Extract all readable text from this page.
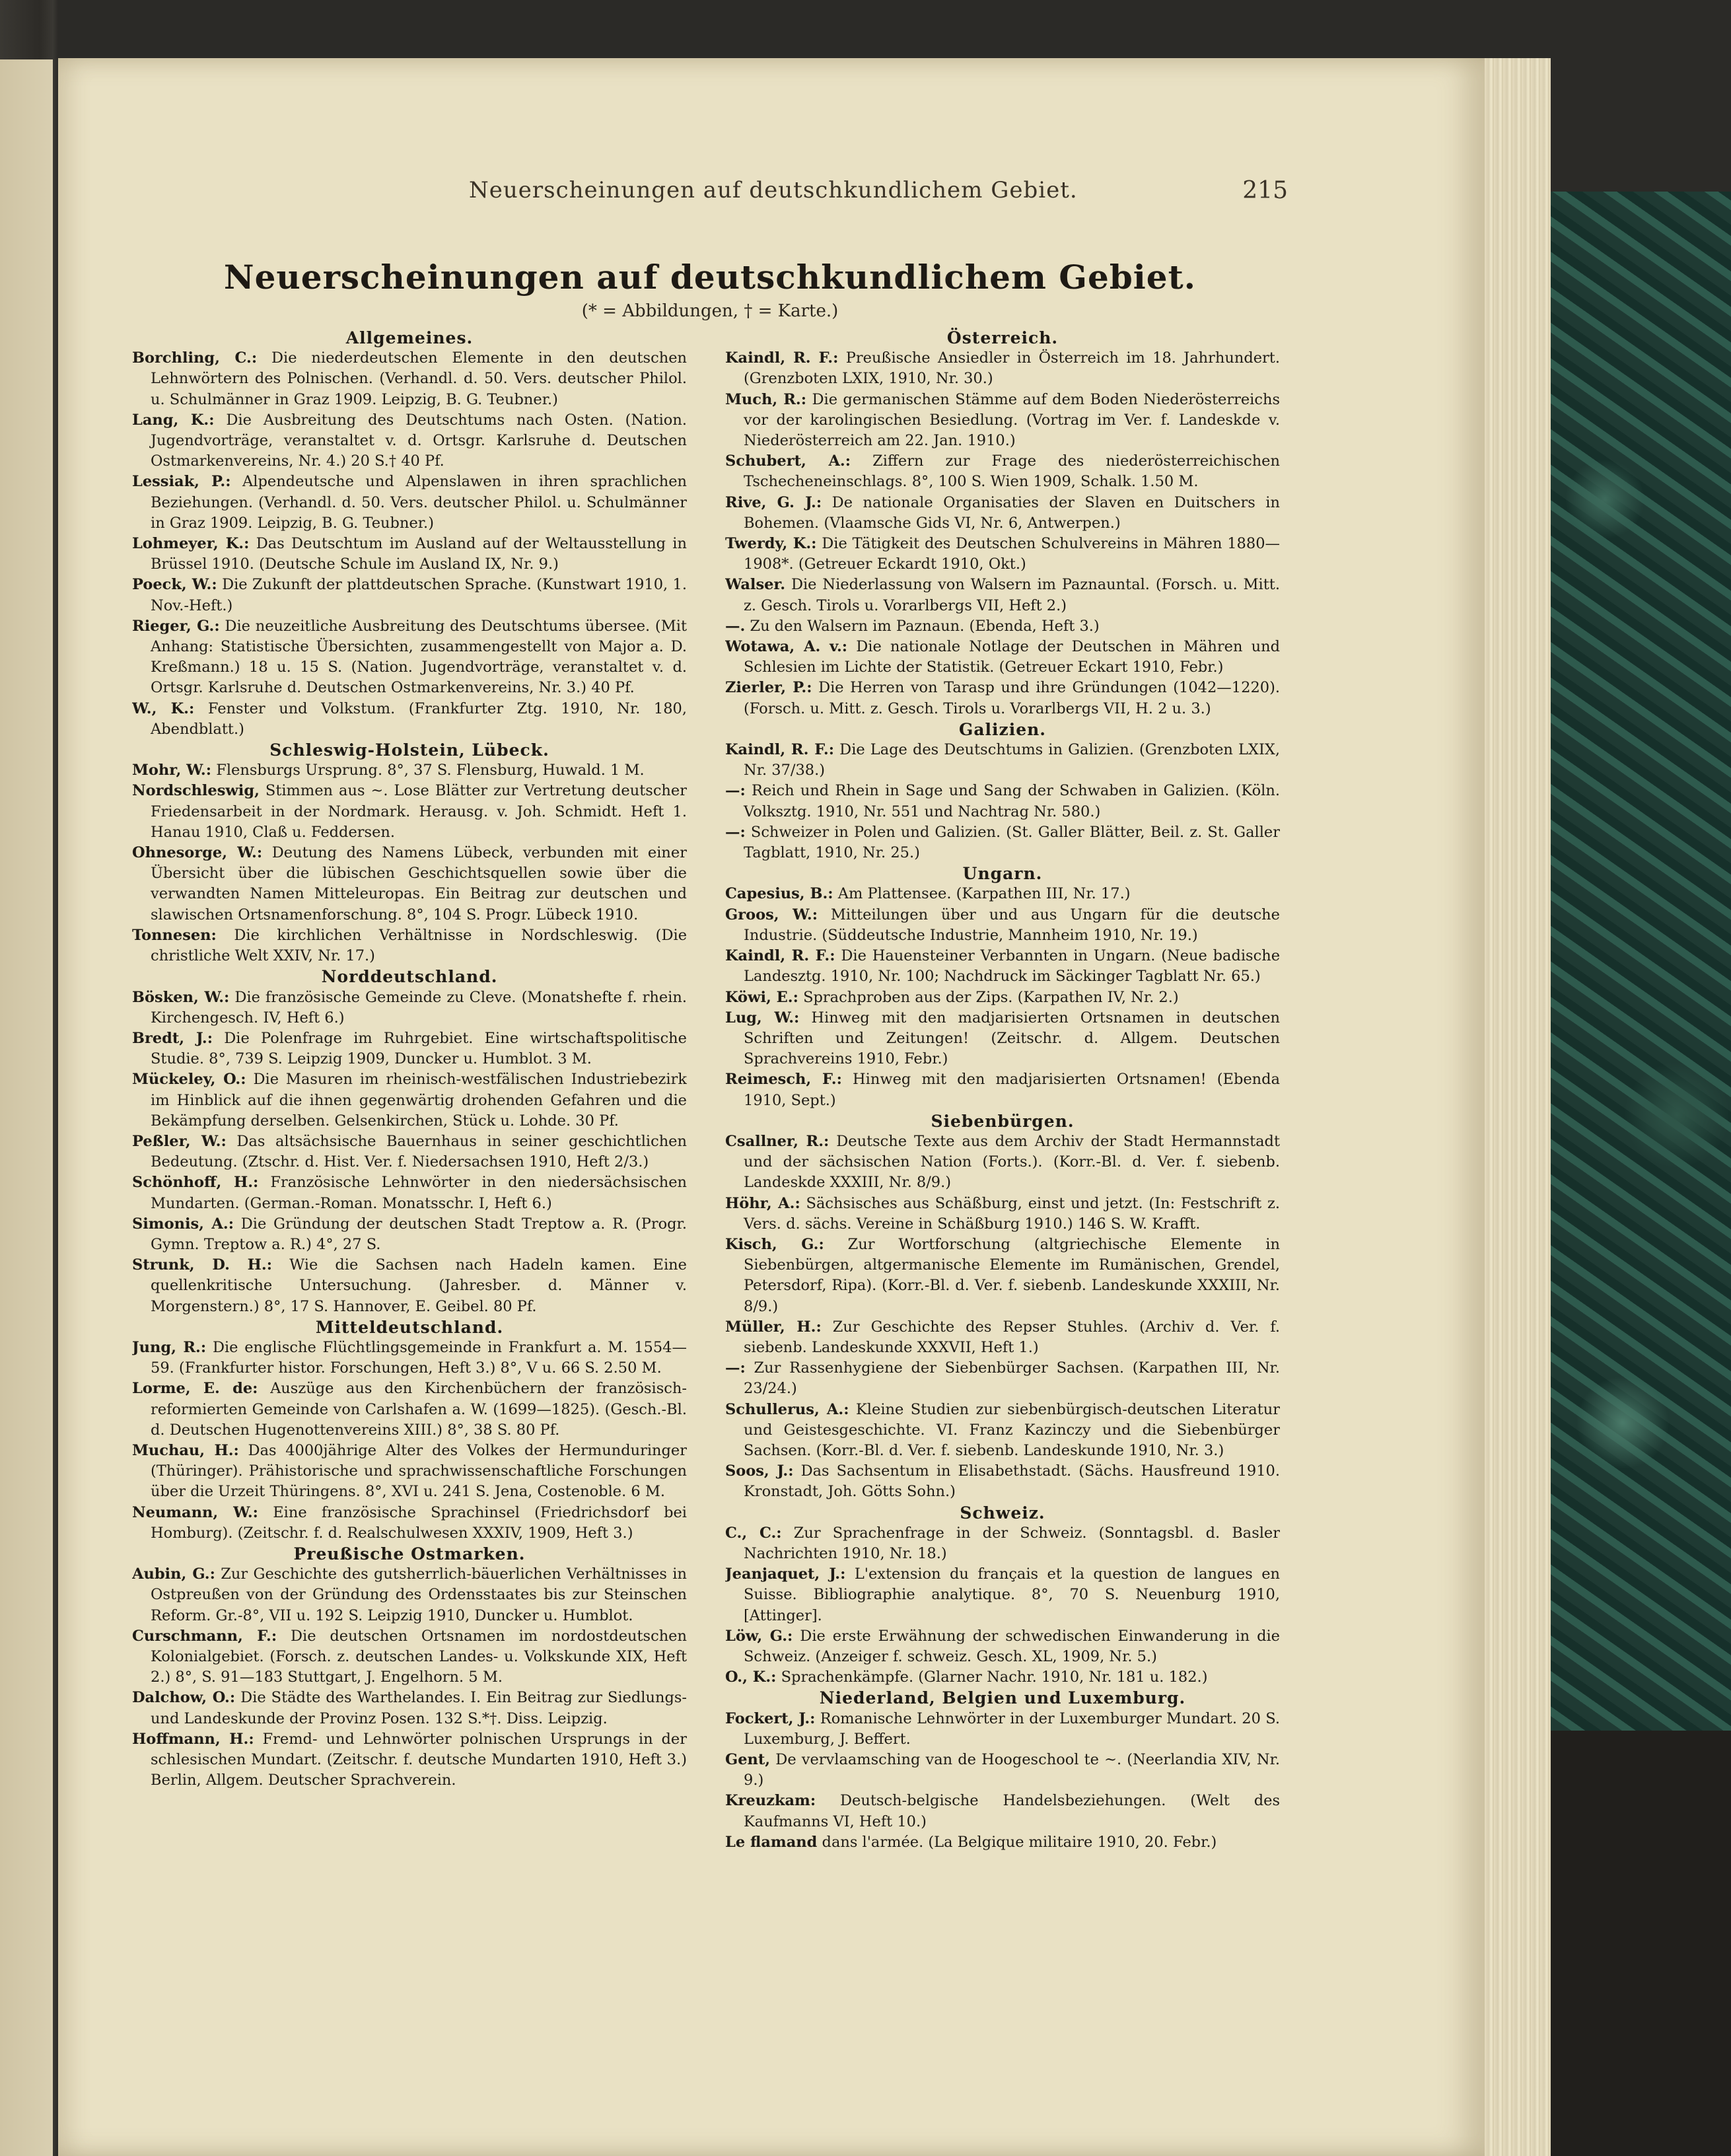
Neuerscheinungen auf deutschkundlichem Gebiet.	215
Neuerscheinungen auf deutschkundlichem Gebiet.
(* = Abbildungen, † = Karte.)

Allgemeines.

Borchling, C.: Die niederdeutschen Elemente in den deutschen Lehnwörtern des Polnischen. (Verhandl. d. 50. Vers. deutscher Philol. u. Schulmänner in Graz 1909. Leipzig, B. G. Teubner.)

Lang, K.: Die Ausbreitung des Deutschtums nach Osten. (Nation. Jugendvorträge, veranstaltet v. d. Ortsgr. Karlsruhe d. Deutschen Ostmarkenvereins, Nr. 4.) 20 S.† 40 Pf.

Lessiak, P.: Alpendeutsche und Alpenslawen in ihren sprachlichen Beziehungen. (Verhandl. d. 50. Vers. deutscher Philol. u. Schulmänner in Graz 1909. Leipzig, B. G. Teubner.)

Lohmeyer, K.: Das Deutschtum im Ausland auf der Weltausstellung in Brüssel 1910. (Deutsche Schule im Ausland IX, Nr. 9.)

Poeck, W.: Die Zukunft der plattdeutschen Sprache. (Kunstwart 1910, 1. Nov.-Heft.)

Rieger, G.: Die neuzeitliche Ausbreitung des Deutschtums übersee. (Mit Anhang: Statistische Übersichten, zusammengestellt von Major a. D. Kreßmann.) 18 u. 15 S. (Nation. Jugendvorträge, veranstaltet v. d. Ortsgr. Karlsruhe d. Deutschen Ostmarkenvereins, Nr. 3.) 40 Pf.

W., K.: Fenster und Volkstum. (Frankfurter Ztg. 1910, Nr. 180, Abendblatt.)

Schleswig-Holstein, Lübeck.

Mohr, W.: Flensburgs Ursprung. 8°, 37 S. Flensburg, Huwald. 1 M.

Nordschleswig, Stimmen aus ~. Lose Blätter zur Vertretung deutscher Friedensarbeit in der Nordmark. Herausg. v. Joh. Schmidt. Heft 1. Hanau 1910, Claß u. Feddersen.

Ohnesorge, W.: Deutung des Namens Lübeck, verbunden mit einer Übersicht über die lübischen Geschichtsquellen sowie über die verwandten Namen Mitteleuropas. Ein Beitrag zur deutschen und slawischen Ortsnamenforschung. 8°, 104 S. Progr. Lübeck 1910.

Tonnesen: Die kirchlichen Verhältnisse in Nordschleswig. (Die christliche Welt XXIV, Nr. 17.)

Norddeutschland.

Bösken, W.: Die französische Gemeinde zu Cleve. (Monatshefte f. rhein. Kirchengesch. IV, Heft 6.)

Bredt, J.: Die Polenfrage im Ruhrgebiet. Eine wirtschaftspolitische Studie. 8°, 739 S. Leipzig 1909, Duncker u. Humblot. 3 M.

Mückeley, O.: Die Masuren im rheinisch-westfälischen Industriebezirk im Hinblick auf die ihnen gegenwärtig drohenden Gefahren und die Bekämpfung derselben. Gelsenkirchen, Stück u. Lohde. 30 Pf.

Peßler, W.: Das altsächsische Bauernhaus in seiner geschichtlichen Bedeutung. (Ztschr. d. Hist. Ver. f. Niedersachsen 1910, Heft 2/3.)

Schönhoff, H.: Französische Lehnwörter in den niedersächsischen Mundarten. (German.-Roman. Monatsschr. I, Heft 6.)

Simonis, A.: Die Gründung der deutschen Stadt Treptow a. R. (Progr. Gymn. Treptow a. R.) 4°, 27 S.

Strunk, D. H.: Wie die Sachsen nach Hadeln kamen. Eine quellenkritische Untersuchung. (Jahresber. d. Männer v. Morgenstern.) 8°, 17 S. Hannover, E. Geibel. 80 Pf.

Mitteldeutschland.

Jung, R.: Die englische Flüchtlingsgemeinde in Frankfurt a. M. 1554—59. (Frankfurter histor. Forschungen, Heft 3.) 8°, V u. 66 S. 2.50 M.

Lorme, E. de: Auszüge aus den Kirchenbüchern der französisch-reformierten Gemeinde von Carlshafen a. W. (1699—1825). (Gesch.-Bl. d. Deutschen Hugenottenvereins XIII.) 8°, 38 S. 80 Pf.

Muchau, H.: Das 4000jährige Alter des Volkes der Hermunduringer (Thüringer). Prähistorische und sprachwissenschaftliche Forschungen über die Urzeit Thüringens. 8°, XVI u. 241 S. Jena, Costenoble. 6 M.

Neumann, W.: Eine französische Sprachinsel (Friedrichsdorf bei Homburg). (Zeitschr. f. d. Realschulwesen XXXIV, 1909, Heft 3.)

Preußische Ostmarken.

Aubin, G.: Zur Geschichte des gutsherrlich-bäuerlichen Verhältnisses in Ostpreußen von der Gründung des Ordensstaates bis zur Steinschen Reform. Gr.-8°, VII u. 192 S. Leipzig 1910, Duncker u. Humblot.

Curschmann, F.: Die deutschen Ortsnamen im nordostdeutschen Kolonialgebiet. (Forsch. z. deutschen Landes- u. Volkskunde XIX, Heft 2.) 8°, S. 91—183 Stuttgart, J. Engelhorn. 5 M.

Dalchow, O.: Die Städte des Warthelandes. I. Ein Beitrag zur Siedlungs- und Landeskunde der Provinz Posen. 132 S.*†. Diss. Leipzig.

Hoffmann, H.: Fremd- und Lehnwörter polnischen Ursprungs in der schlesischen Mundart. (Zeitschr. f. deutsche Mundarten 1910, Heft 3.) Berlin, Allgem. Deutscher Sprachverein.

Österreich.

Kaindl, R. F.: Preußische Ansiedler in Österreich im 18. Jahrhundert. (Grenzboten LXIX, 1910, Nr. 30.)

Much, R.: Die germanischen Stämme auf dem Boden Niederösterreichs vor der karolingischen Besiedlung. (Vortrag im Ver. f. Landeskde v. Niederösterreich am 22. Jan. 1910.)

Schubert, A.: Ziffern zur Frage des niederösterreichischen Tschecheneinschlags. 8°, 100 S. Wien 1909, Schalk. 1.50 M.

Rive, G. J.: De nationale Organisaties der Slaven en Duitschers in Bohemen. (Vlaamsche Gids VI, Nr. 6, Antwerpen.)

Twerdy, K.: Die Tätigkeit des Deutschen Schulvereins in Mähren 1880—1908*. (Getreuer Eckardt 1910, Okt.)

Walser. Die Niederlassung von Walsern im Paznauntal. (Forsch. u. Mitt. z. Gesch. Tirols u. Vorarlbergs VII, Heft 2.)

—. Zu den Walsern im Paznaun. (Ebenda, Heft 3.)

Wotawa, A. v.: Die nationale Notlage der Deutschen in Mähren und Schlesien im Lichte der Statistik. (Getreuer Eckart 1910, Febr.)

Zierler, P.: Die Herren von Tarasp und ihre Gründungen (1042—1220). (Forsch. u. Mitt. z. Gesch. Tirols u. Vorarlbergs VII, H. 2 u. 3.)

Galizien.

Kaindl, R. F.: Die Lage des Deutschtums in Galizien. (Grenzboten LXIX, Nr. 37/38.)

—: Reich und Rhein in Sage und Sang der Schwaben in Galizien. (Köln. Volksztg. 1910, Nr. 551 und Nachtrag Nr. 580.)

—: Schweizer in Polen und Galizien. (St. Galler Blätter, Beil. z. St. Galler Tagblatt, 1910, Nr. 25.)

Ungarn.

Capesius, B.: Am Plattensee. (Karpathen III, Nr. 17.)

Groos, W.: Mitteilungen über und aus Ungarn für die deutsche Industrie. (Süddeutsche Industrie, Mannheim 1910, Nr. 19.)

Kaindl, R. F.: Die Hauensteiner Verbannten in Ungarn. (Neue badische Landesztg. 1910, Nr. 100; Nachdruck im Säckinger Tagblatt Nr. 65.)

Köwi, E.: Sprachproben aus der Zips. (Karpathen IV, Nr. 2.)

Lug, W.: Hinweg mit den madjarisierten Ortsnamen in deutschen Schriften und Zeitungen! (Zeitschr. d. Allgem. Deutschen Sprachvereins 1910, Febr.)

Reimesch, F.: Hinweg mit den madjarisierten Ortsnamen! (Ebenda 1910, Sept.)

Siebenbürgen.

Csallner, R.: Deutsche Texte aus dem Archiv der Stadt Hermannstadt und der sächsischen Nation (Forts.). (Korr.-Bl. d. Ver. f. siebenb. Landeskde XXXIII, Nr. 8/9.)

Höhr, A.: Sächsisches aus Schäßburg, einst und jetzt. (In: Festschrift z. Vers. d. sächs. Vereine in Schäßburg 1910.) 146 S. W. Krafft.

Kisch, G.: Zur Wortforschung (altgriechische Elemente in Siebenbürgen, altgermanische Elemente im Rumänischen, Grendel, Petersdorf, Ripa). (Korr.-Bl. d. Ver. f. siebenb. Landeskunde XXXIII, Nr. 8/9.)

Müller, H.: Zur Geschichte des Repser Stuhles. (Archiv d. Ver. f. siebenb. Landeskunde XXXVII, Heft 1.)

—: Zur Rassenhygiene der Siebenbürger Sachsen. (Karpathen III, Nr. 23/24.)

Schullerus, A.: Kleine Studien zur siebenbürgisch-deutschen Literatur und Geistesgeschichte. VI. Franz Kazinczy und die Siebenbürger Sachsen. (Korr.-Bl. d. Ver. f. siebenb. Landeskunde 1910, Nr. 3.)

Soos, J.: Das Sachsentum in Elisabethstadt. (Sächs. Hausfreund 1910. Kronstadt, Joh. Götts Sohn.)

Schweiz.

C., C.: Zur Sprachenfrage in der Schweiz. (Sonntagsbl. d. Basler Nachrichten 1910, Nr. 18.)

Jeanjaquet, J.: L'extension du français et la question de langues en Suisse. Bibliographie analytique. 8°, 70 S. Neuenburg 1910, [Attinger].

Löw, G.: Die erste Erwähnung der schwedischen Einwanderung in die Schweiz. (Anzeiger f. schweiz. Gesch. XL, 1909, Nr. 5.)

O., K.: Sprachenkämpfe. (Glarner Nachr. 1910, Nr. 181 u. 182.)

Niederland, Belgien und Luxemburg.

Fockert, J.: Romanische Lehnwörter in der Luxemburger Mundart. 20 S. Luxemburg, J. Beffert.

Gent, De vervlaamsching van de Hoogeschool te ~. (Neerlandia XIV, Nr. 9.)

Kreuzkam: Deutsch-belgische Handelsbeziehungen. (Welt des Kaufmanns VI, Heft 10.)

Le flamand dans l'armée. (La Belgique militaire 1910, 20. Febr.)
